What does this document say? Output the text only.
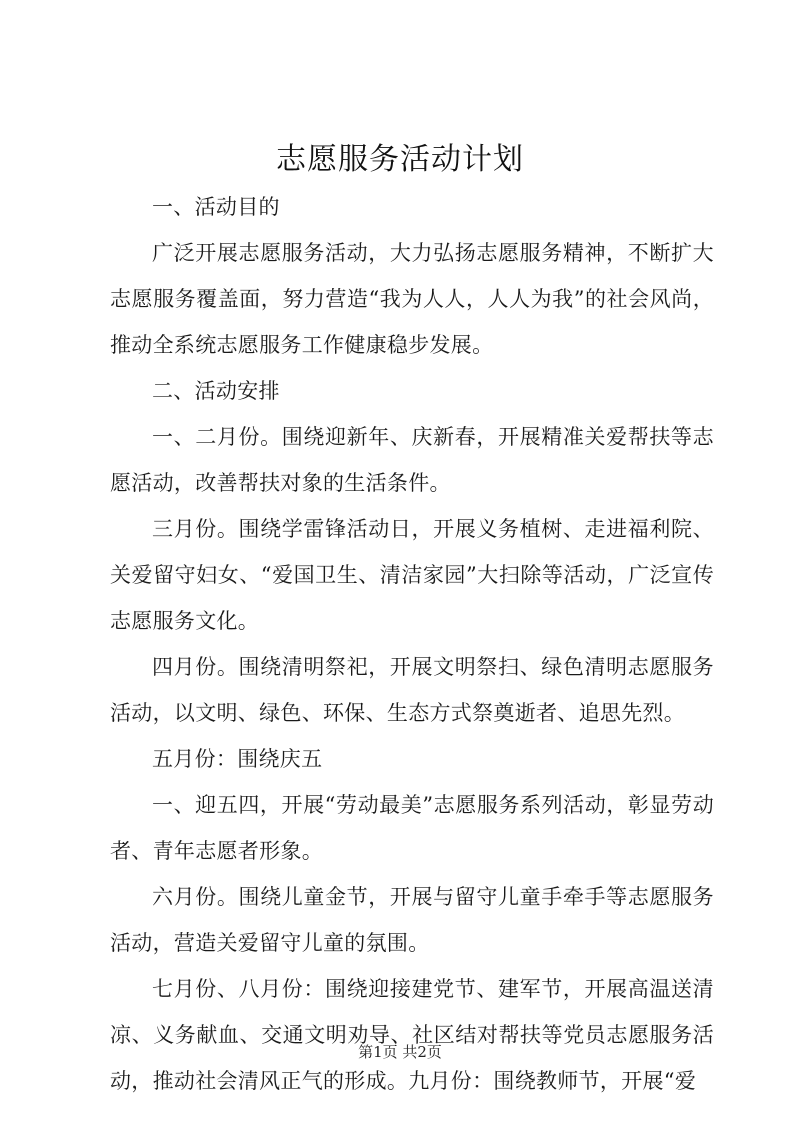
志愿服务活动计划

一、活动目的

广泛开展志愿服务活动，大力弘扬志愿服务精神，不断扩大志愿服务覆盖面，努力营造“我为人人，人人为我”的社会风尚，推动全系统志愿服务工作健康稳步发展。

二、活动安排

一、二月份。围绕迎新年、庆新春，开展精准关爱帮扶等志愿活动，改善帮扶对象的生活条件。

三月份。围绕学雷锋活动日，开展义务植树、走进福利院、关爱留守妇女、“爱国卫生、清洁家园”大扫除等活动，广泛宣传志愿服务文化。

四月份。围绕清明祭祀，开展文明祭扫、绿色清明志愿服务活动，以文明、绿色、环保、生态方式祭奠逝者、追思先烈。

五月份：围绕庆五

一、迎五四，开展“劳动最美”志愿服务系列活动，彰显劳动者、青年志愿者形象。

六月份。围绕儿童金节，开展与留守儿童手牵手等志愿服务活动，营造关爱留守儿童的氛围。

七月份、八月份：围绕迎接建党节、建军节，开展高温送清凉、义务献血、交通文明劝导、社区结对帮扶等党员志愿服务活动，推动社会清风正气的形成。九月份：围绕教师节，开展“爱

第1页 共2页
